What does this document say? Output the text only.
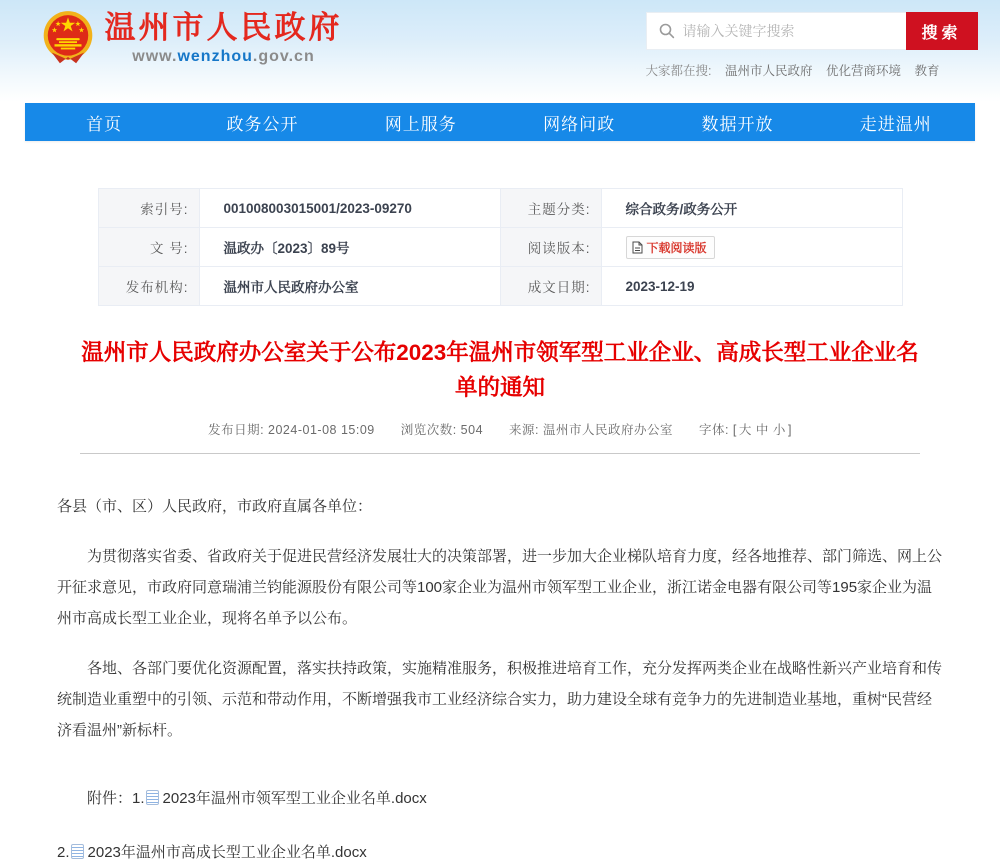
温州市人民政府
www.wenzhou.gov.cn
请输入关键字搜索
搜索
大家都在搜: 温州市人民政府 优化营商环境 教育
首页	政务公开	网上服务	网络问政	数据开放	走进温州
索引号:	001008003015001/2023-09270	主题分类:	综合政务/政务公开
文 号:	温政办〔2023〕89号	阅读版本:	下载阅读版

发布机构:	温州市人民政府办公室	成文日期:	2023-12-19
温州市人民政府办公室关于公布2023年温州市领军型工业企业、高成长型工业企业名单的通知
发布日期: 2024-01-08 15:09 浏览次数: 504 来源: 温州市人民政府办公室 字体: [ 大 中 小 ]

各县（市、区）人民政府，市政府直属各单位：

为贯彻落实省委、省政府关于促进民营经济发展壮大的决策部署，进一步加大企业梯队培育力度，经各地推荐、部门筛选、网上公开征求意见，市政府同意瑞浦兰钧能源股份有限公司等100家企业为温州市领军型工业企业，浙江诺金电器有限公司等195家企业为温州市高成长型工业企业，现将名单予以公布。

各地、各部门要优化资源配置，落实扶持政策，实施精准服务，积极推进培育工作，充分发挥两类企业在战略性新兴产业培育和传统制造业重塑中的引领、示范和带动作用，不断增强我市工业经济综合实力，助力建设全球有竞争力的先进制造业基地，重树“民营经济看温州”新标杆。

附件：1. 2023年温州市领军型工业企业名单.docx
2. 2023年温州市高成长型工业企业名单.docx
